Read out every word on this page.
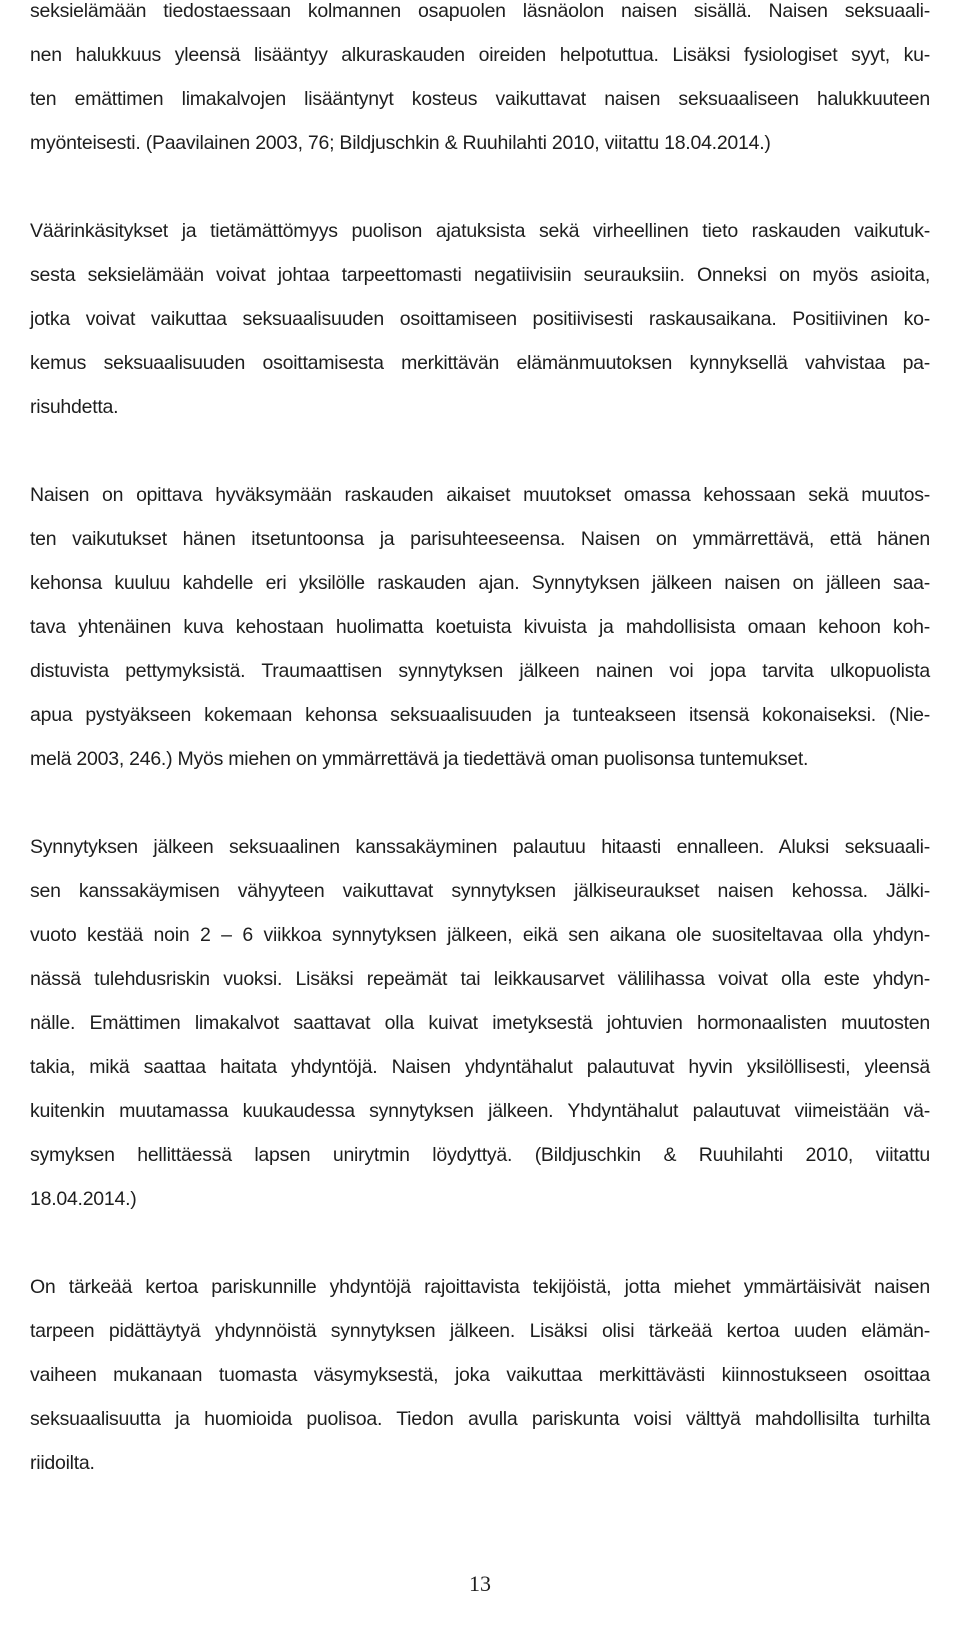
seksielämään tiedostaessaan kolmannen osapuolen läsnäolon naisen sisällä. Naisen seksuaali-
nen halukkuus yleensä lisääntyy alkuraskauden oireiden helpotuttua. Lisäksi fysiologiset syyt, ku-
ten emättimen limakalvojen lisääntynyt kosteus vaikuttavat naisen seksuaaliseen halukkuuteen
myönteisesti. (Paavilainen 2003, 76; Bildjuschkin & Ruuhilahti 2010, viitattu 18.04.2014.)
Väärinkäsitykset ja tietämättömyys puolison ajatuksista sekä virheellinen tieto raskauden vaikutuk-
sesta seksielämään voivat johtaa tarpeettomasti negatiivisiin seurauksiin. Onneksi on myös asioita,
jotka voivat vaikuttaa seksuaalisuuden osoittamiseen positiivisesti raskausaikana. Positiivinen ko-
kemus seksuaalisuuden osoittamisesta merkittävän elämänmuutoksen kynnyksellä vahvistaa pa-
risuhdetta.
Naisen on opittava hyväksymään raskauden aikaiset muutokset omassa kehossaan sekä muutos-
ten vaikutukset hänen itsetuntoonsa ja parisuhteeseensa. Naisen on ymmärrettävä, että hänen
kehonsa kuuluu kahdelle eri yksilölle raskauden ajan. Synnytyksen jälkeen naisen on jälleen saa-
tava yhtenäinen kuva kehostaan huolimatta koetuista kivuista ja mahdollisista omaan kehoon koh-
distuvista pettymyksistä. Traumaattisen synnytyksen jälkeen nainen voi jopa tarvita ulkopuolista
apua pystyäkseen kokemaan kehonsa seksuaalisuuden ja tunteakseen itsensä kokonaiseksi. (Nie-
melä 2003, 246.) Myös miehen on ymmärrettävä ja tiedettävä oman puolisonsa tuntemukset.
Synnytyksen jälkeen seksuaalinen kanssakäyminen palautuu hitaasti ennalleen. Aluksi seksuaali-
sen kanssakäymisen vähyyteen vaikuttavat synnytyksen jälkiseuraukset naisen kehossa. Jälki-
vuoto kestää noin 2 – 6 viikkoa synnytyksen jälkeen, eikä sen aikana ole suositeltavaa olla yhdyn-
nässä tulehdusriskin vuoksi. Lisäksi repeämät tai leikkausarvet välilihassa voivat olla este yhdyn-
nälle. Emättimen limakalvot saattavat olla kuivat imetyksestä johtuvien hormonaalisten muutosten
takia, mikä saattaa haitata yhdyntöjä. Naisen yhdyntähalut palautuvat hyvin yksilöllisesti, yleensä
kuitenkin muutamassa kuukaudessa synnytyksen jälkeen. Yhdyntähalut palautuvat viimeistään vä-
symyksen hellittäessä lapsen unirytmin löydyttyä. (Bildjuschkin & Ruuhilahti 2010, viitattu
18.04.2014.)
On tärkeää kertoa pariskunnille yhdyntöjä rajoittavista tekijöistä, jotta miehet ymmärtäisivät naisen
tarpeen pidättäytyä yhdynnöistä synnytyksen jälkeen. Lisäksi olisi tärkeää kertoa uuden elämän-
vaiheen mukanaan tuomasta väsymyksestä, joka vaikuttaa merkittävästi kiinnostukseen osoittaa
seksuaalisuutta ja huomioida puolisoa. Tiedon avulla pariskunta voisi välttyä mahdollisilta turhilta
riidoilta.
13
